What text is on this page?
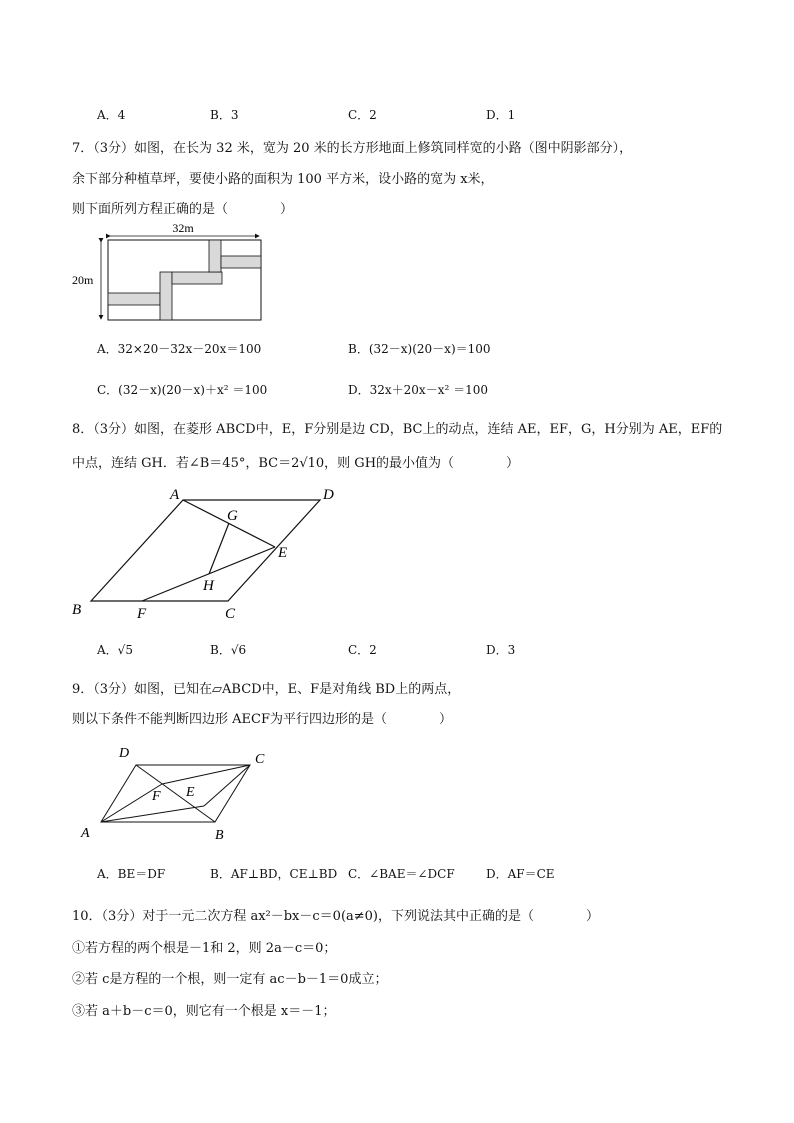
A．4	B．3	C．2	D．1
7．（3分）如图，在长为 32 米，宽为 20 米的长方形地面上修筑同样宽的小路（图中阴影部分），
余下部分种植草坪，要使小路的面积为 100 平方米，设小路的宽为 x米，
则下面所列方程正确的是（　　　　）
32m
20m
A．32×20－32x－20x＝100	B．(32－x)(20－x)＝100
C．(32－x)(20－x)＋x² ＝100	D．32x＋20x－x² ＝100
8．（3分）如图，在菱形 ABCD中，E，F分别是边 CD，BC上的动点，连结 AE，EF，G，H分别为 AE，EF的
中点，连结 GH．若∠B＝45°，BC＝2√10，则 GH的最小值为（　　　　）
A	D
G
E
H
B	F	C
A．√5	B．√6	C．2	D．3
9．（3分）如图，已知在▱ABCD中，E、F是对角线 BD上的两点，
则以下条件不能判断四边形 AECF为平行四边形的是（　　　　）
D	C
F E
A	B
A．BE＝DF	B．AF⊥BD，CE⊥BD C．∠BAE＝∠DCF	D．AF＝CE
10．（3分）对于一元二次方程 ax²－bx－c＝0(a≠0)，下列说法其中正确的是（　　　　）
①若方程的两个根是－1和 2，则 2a－c＝0；
②若 c是方程的一个根，则一定有 ac－b－1＝0成立；
③若 a＋b－c＝0，则它有一个根是 x＝－1；
